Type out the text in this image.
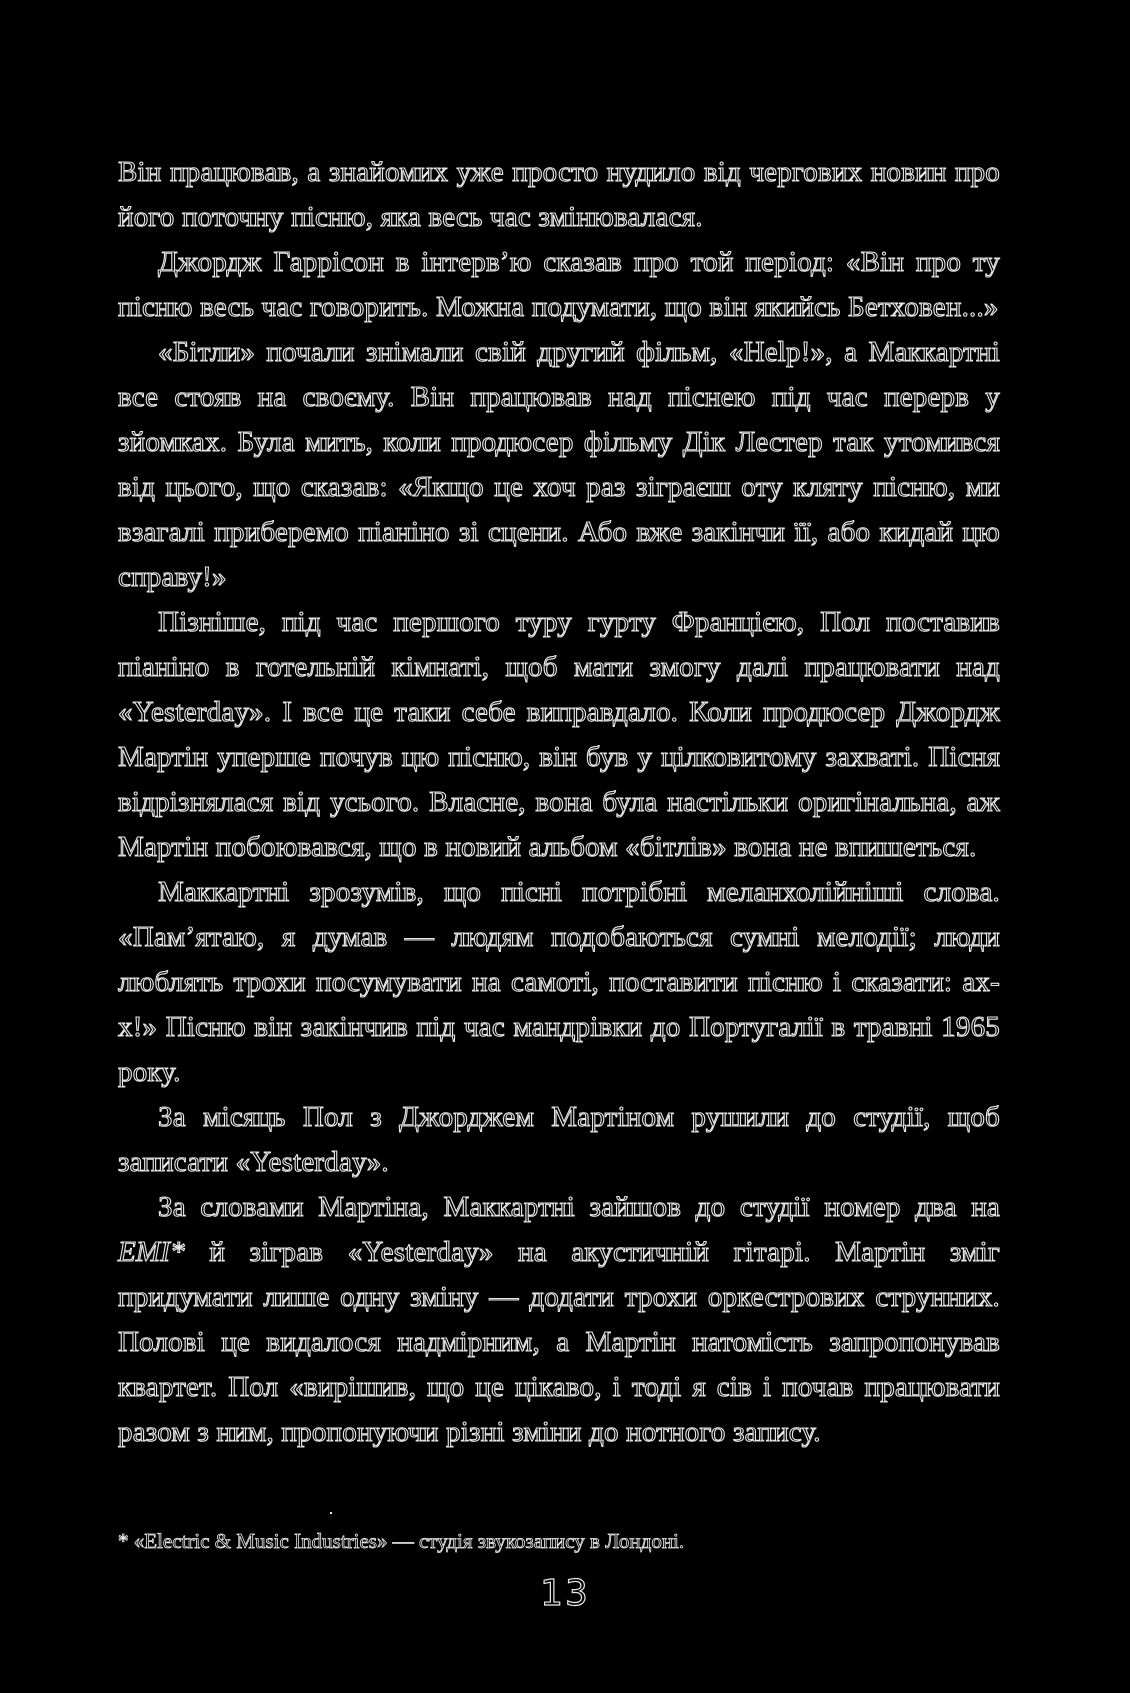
Він працював, а знайомих уже просто нудило від чергових новин про його поточну пісню, яка весь час змінювалася.

Джордж Гаррісон в інтерв’ю сказав про той період: «Він про ту пісню весь час говорить. Можна подумати, що він якийсь Бетховен...»

«Бітли» почали знімали свій другий фільм, «Help!», а Маккартні все стояв на своєму. Він працював над піснею під час перерв у зйомках. Була мить, коли продюсер фільму Дік Лестер так утомився від цього, що сказав: «Якщо це хоч раз зіграєш оту кляту пісню, ми взагалі приберемо піаніно зі сцени. Або вже закінчи її, або кидай цю справу!»

Пізніше, під час першого туру гурту Францією, Пол поставив піаніно в готельній кімнаті, щоб мати змогу далі працювати над «Yesterday». І все це таки себе виправдало. Коли продюсер Джордж Мартін уперше почув цю пісню, він був у цілковитому захваті. Пісня відрізнялася від усього. Власне, вона була настільки оригінальна, аж Мартін побоювався, що в новий альбом «бітлів» вона не впишеться.

Маккартні зрозумів, що пісні потрібні меланхолійніші слова. «Пам’ятаю, я думав — людям подобаються сумні мелодії; люди люблять трохи посумувати на самоті, поставити пісню і сказати: ах-х!» Пісню він закінчив під час мандрівки до Португалії в травні 1965 року.

За місяць Пол з Джорджем Мартіном рушили до студії, щоб записати «Yesterday».

За словами Мартіна, Маккартні зайшов до студії номер два на EMI* й зіграв «Yesterday» на акустичній гітарі. Мартін зміг придумати лише одну зміну — додати трохи оркестрових струнних. Полові це видалося надмірним, а Мартін натомість запропонував квартет. Пол «вирішив, що це цікаво, і тоді я сів і почав працювати разом з ним, пропонуючи різні зміни до нотного запису.

* «Electric & Music Industries» — студія звукозапису в Лондоні.

13
